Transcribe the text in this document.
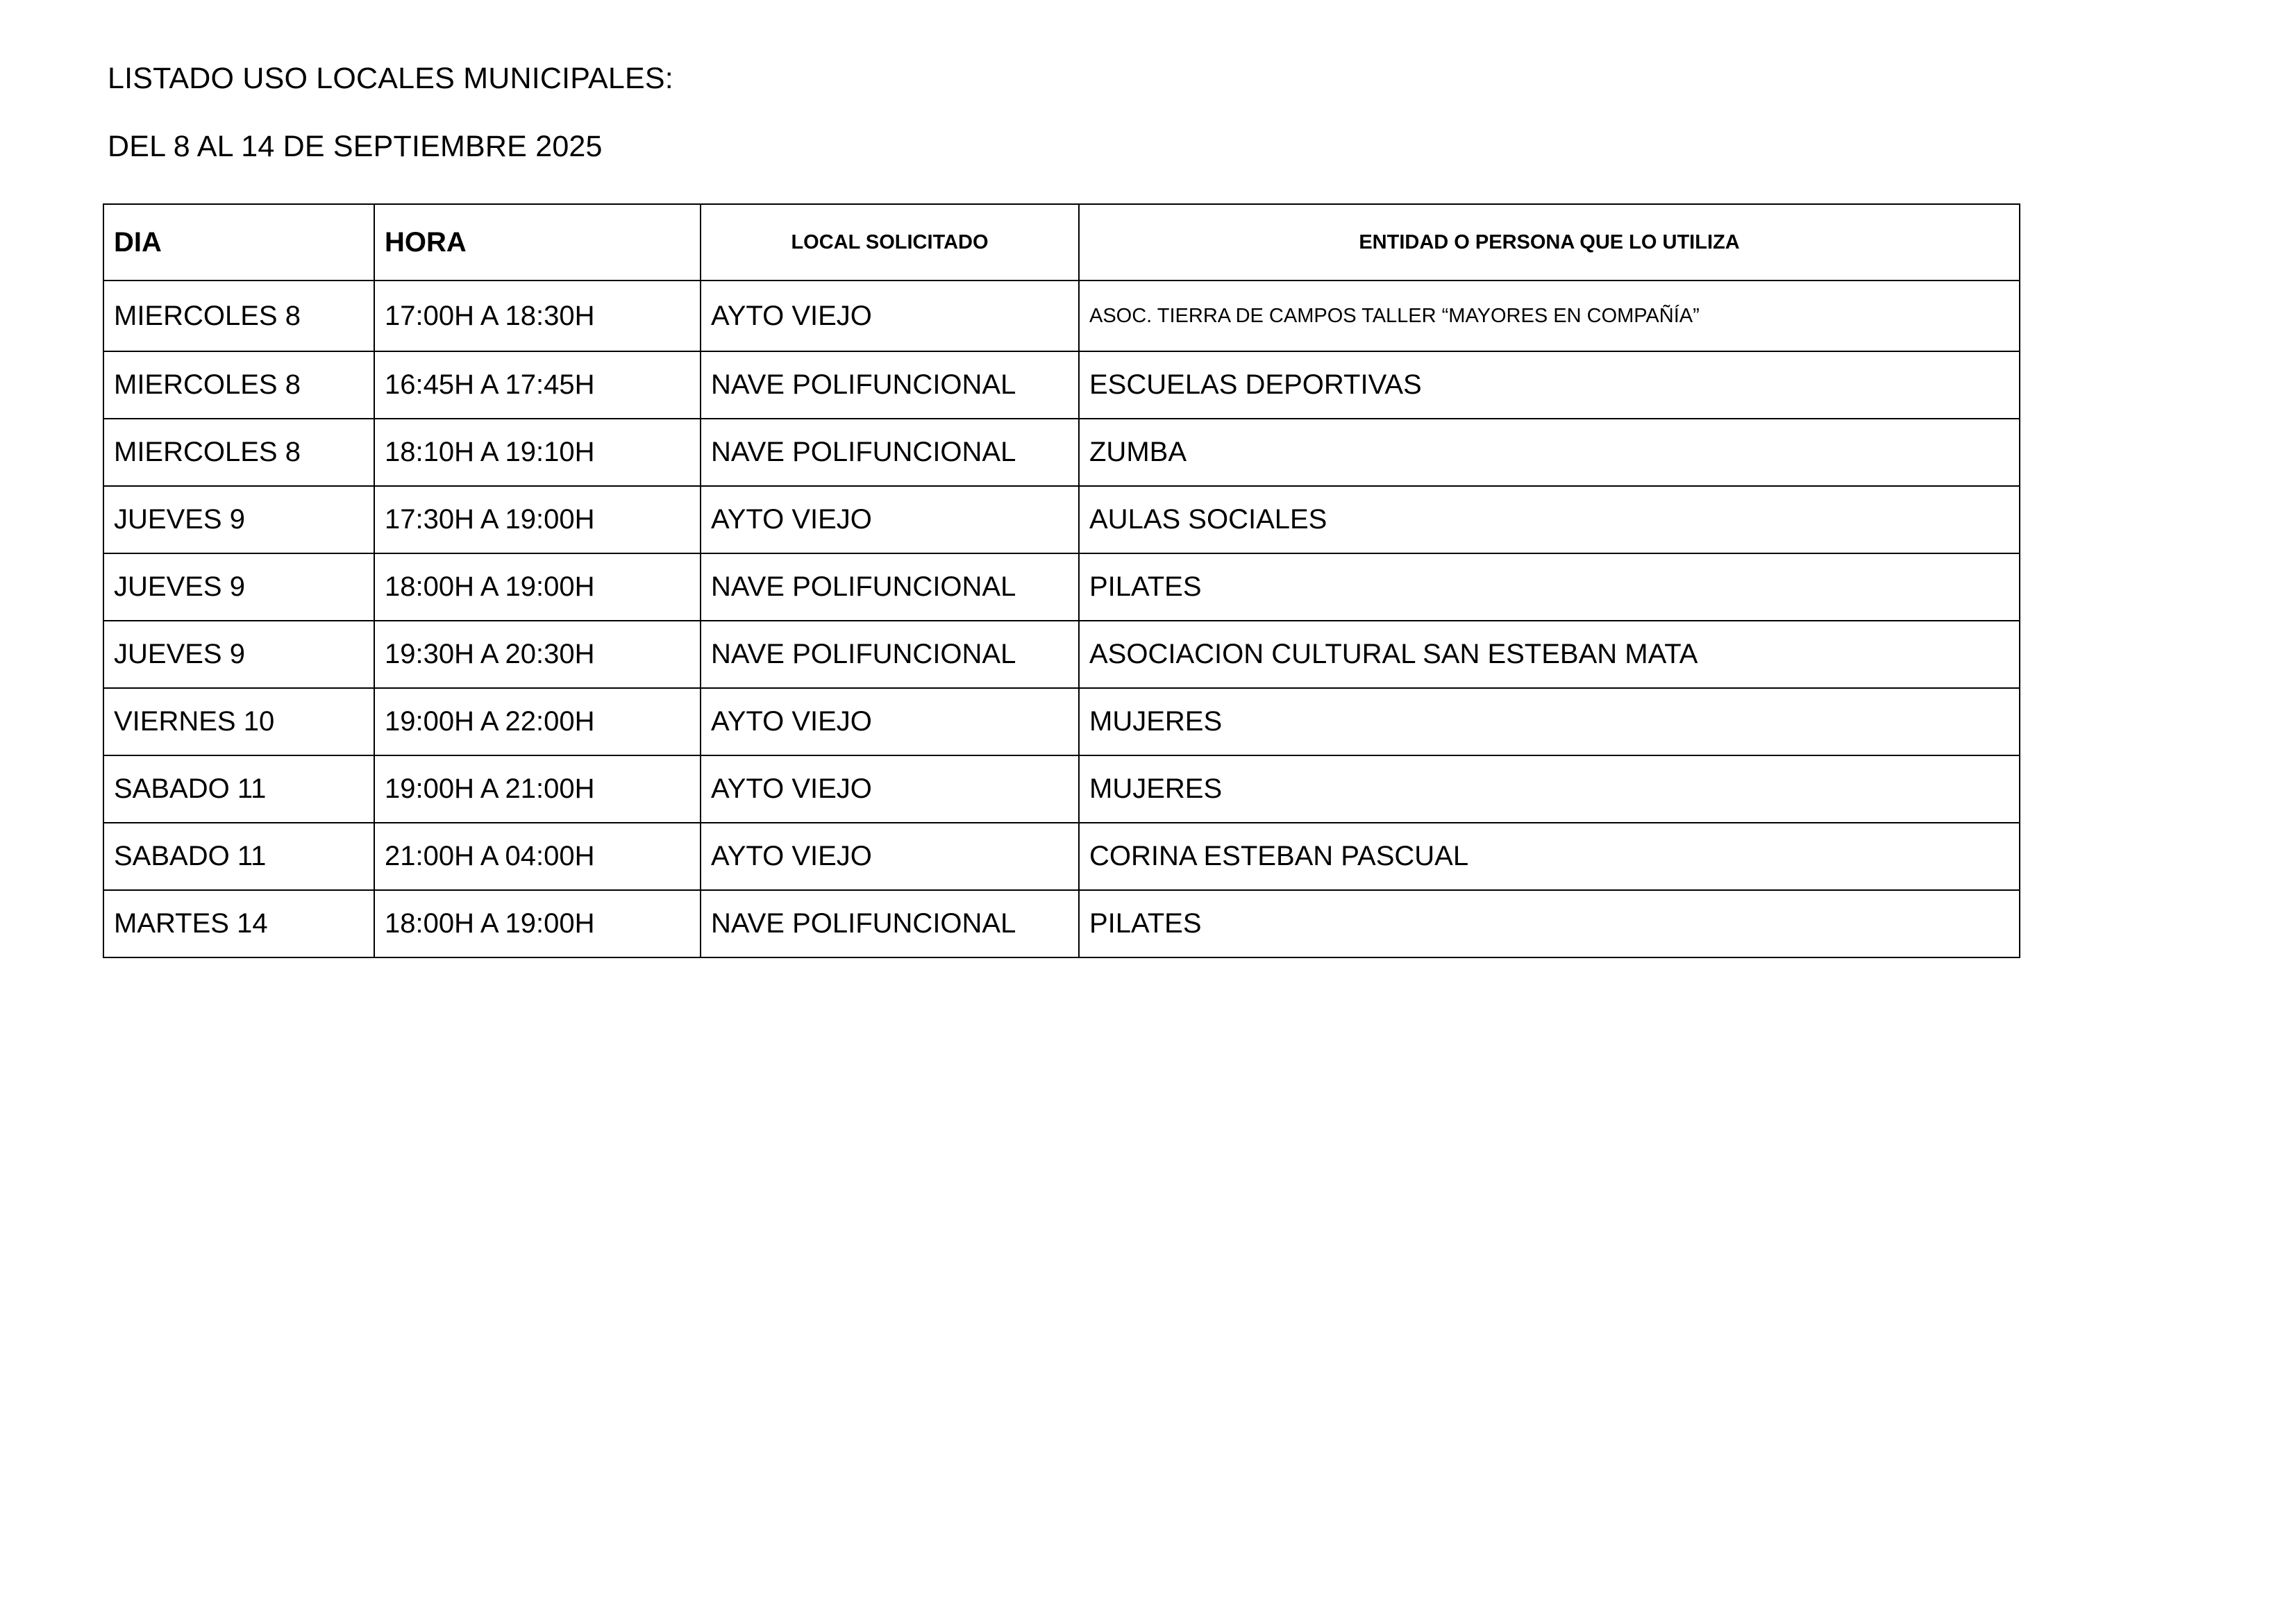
LISTADO USO LOCALES MUNICIPALES:
DEL 8 AL 14 DE SEPTIEMBRE 2025
DIA	HORA	LOCAL SOLICITADO	ENTIDAD O PERSONA QUE LO UTILIZA
MIERCOLES 8	17:00H A 18:30H	AYTO VIEJO	ASOC. TIERRA DE CAMPOS TALLER “MAYORES EN COMPAÑÍA”
MIERCOLES 8	16:45H A 17:45H	NAVE POLIFUNCIONAL	ESCUELAS DEPORTIVAS
MIERCOLES 8	18:10H A 19:10H	NAVE POLIFUNCIONAL	ZUMBA
JUEVES 9	17:30H A 19:00H	AYTO VIEJO	AULAS SOCIALES
JUEVES 9	18:00H A 19:00H	NAVE POLIFUNCIONAL	PILATES
JUEVES 9	19:30H A 20:30H	NAVE POLIFUNCIONAL	ASOCIACION CULTURAL SAN ESTEBAN MATA
VIERNES 10	19:00H A 22:00H	AYTO VIEJO	MUJERES
SABADO 11	19:00H A 21:00H	AYTO VIEJO	MUJERES
SABADO 11	21:00H A 04:00H	AYTO VIEJO	CORINA ESTEBAN PASCUAL
MARTES 14	18:00H A 19:00H	NAVE POLIFUNCIONAL	PILATES
